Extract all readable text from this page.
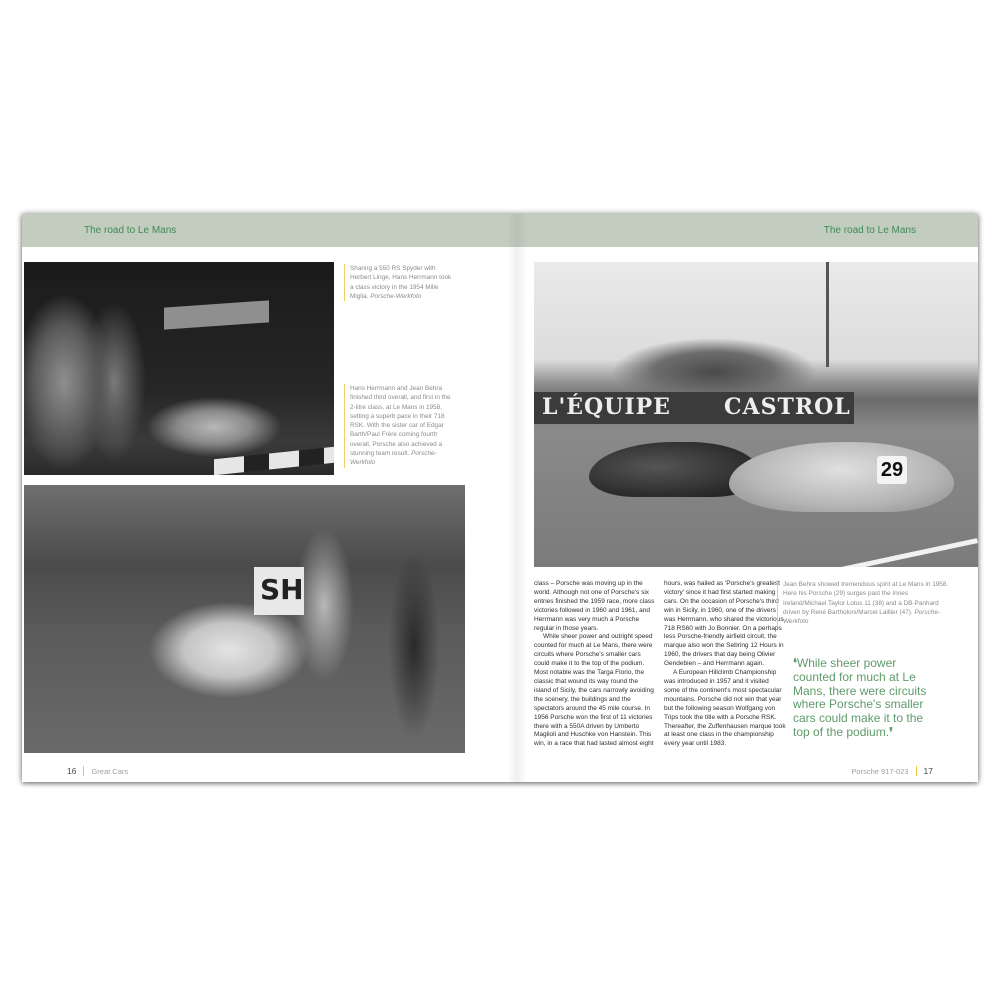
The road to Le Mans	The road to Le Mans
Sharing a 550 RS Spyder with Herbert Linge, Hans Herrmann took a class victory in the 1954 Mille Miglia. Porsche-Werkfoto
Hans Herrmann and Jean Behra finished third overall, and first in the 2-litre class, at Le Mans in 1958, setting a superb pace in their 718 RSK. With the sister car of Edgar Barth/Paul Frère coming fourth overall, Porsche also achieved a stunning team result. Porsche-Werkfoto
SH
L'ÉQUIPE CASTROL
29

class – Porsche was moving up in the world. Although not one of Porsche's six entries finished the 1959 race, more class victories followed in 1960 and 1961, and Herrmann was very much a Porsche regular in those years.

While sheer power and outright speed counted for much at Le Mans, there were circuits where Porsche's smaller cars could make it to the top of the podium. Most notable was the Targa Florio, the classic that wound its way round the island of Sicily, the cars narrowly avoiding the scenery, the buildings and the spectators around the 45 mile course. In 1956 Porsche won the first of 11 victories there with a 550A driven by Umberto Maglioli and Huschke von Hanstein. This win, in a race that had lasted almost eight

hours, was hailed as 'Porsche's greatest victory' since it had first started making cars. On the occasion of Porsche's third win in Sicily, in 1960, one of the drivers was Herrmann, who shared the victorious 718 RS60 with Jo Bonnier. On a perhaps less Porsche-friendly airfield circuit, the marque also won the Sebring 12 Hours in 1960, the drivers that day being Olivier Gendebien – and Herrmann again.

A European Hillclimb Championship was introduced in 1957 and it visited some of the continent's most spectacular mountains. Porsche did not win that year but the following season Wolfgang von Trips took the title with a Porsche RSK. Thereafter, the Zuffenhausen marque took at least one class in the championship every year until 1983.

Jean Behra showed tremendous spirit at Le Mans in 1958. Here his Porsche (29) surges past the Innes Ireland/Michael Taylor Lotus 11 (38) and a DB-Panhard driven by René Bartholoni/Marcel Laillier (47). Porsche-Werkfoto
❛While sheer power counted for much at Le Mans, there were circuits where Porsche's smaller cars could make it to the top of the podium.❜
16 Great Cars	Porsche 917-023 17
